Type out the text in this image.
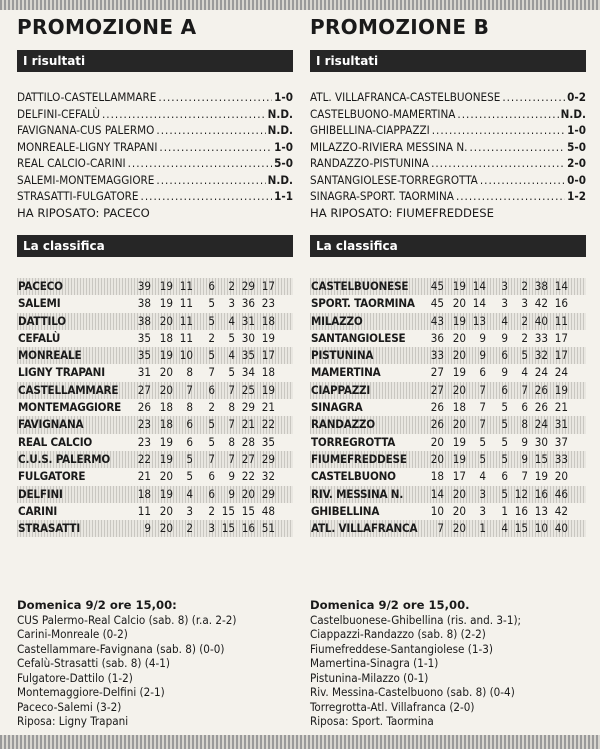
PROMOZIONE A
I risultati
DATTILO-CASTELLAMMARE .....	1-0
DELFINI-CEFALÙ .....	N.D.
FAVIGNANA-CUS PALERMO .....	N.D.
MONREALE-LIGNY TRAPANI .....	1-0
REAL CALCIO-CARINI .....	5-0
SALEMI-MONTEMAGGIORE .....	N.D.
STRASATTI-FULGATORE .....	1-1
HA RIPOSATO: PACECO
La classifica
PACECO	39 19 11	6	2 29 17
SALEMI	38 19 11	5	3 36 23
DATTILO	38 20 11	5	4 31 18
CEFALÙ	35 18 11	2	5 30 19
MONREALE	35 19 10	5	4 35 17
LIGNY TRAPANI	31 20	8	7	5 34 18
CASTELLAMMARE	27 20	7	6	7 25 19
MONTEMAGGIORE	26 18	8	2	8 29 21
FAVIGNANA	23 18	6	5	7 21 22
REAL CALCIO	23 19	6	5	8 28 35
C.U.S. PALERMO	22 19	5	7	7 27 29
FULGATORE	21 20	5	6	9 22 32
DELFINI	18 19	4	6	9 20 29
CARINI	11 20	3	2 15 15 48
STRASATTI	9 20	2	3 15 16 51
Domenica 9/2 ore 15,00:
CUS Palermo-Real Calcio (sab. 8) (r.a. 2-2)
Carini-Monreale (0-2)
Castellammare-Favignana (sab. 8) (0-0)
Cefalù-Strasatti (sab. 8) (4-1)
Fulgatore-Dattilo (1-2)
Montemaggiore-Delfini (2-1)
Paceco-Salemi (3-2)
Riposa: Ligny Trapani
PROMOZIONE B
I risultati
ATL. VILLAFRANCA-CASTELBUONESE .....	0-2
CASTELBUONO-MAMERTINA .....	N.D.
GHIBELLINA-CIAPPAZZI .....	1-0
MILAZZO-RIVIERA MESSINA N. .....	5-0
RANDAZZO-PISTUNINA .....	2-0
SANTANGIOLESE-TORREGROTTA .....	0-0
SINAGRA-SPORT. TAORMINA .....	1-2
HA RIPOSATO: FIUMEFREDDESE
La classifica
CASTELBUONESE	45 19 14	3	2 38 14
SPORT. TAORMINA	45 20 14	3	3 42 16
MILAZZO	43 19 13	4	2 40 11
SANTANGIOLESE	36 20	9	9	2 33 17
PISTUNINA	33 20	9	6	5 32 17
MAMERTINA	27 19	6	9	4 24 24
CIAPPAZZI	27 20	7	6	7 26 19
SINAGRA	26 18	7	5	6 26 21
RANDAZZO	26 20	7	5	8 24 31
TORREGROTTA	20 19	5	5	9 30 37
FIUMEFREDDESE	20 19	5	5	9 15 33
CASTELBUONO	18 17	4	6	7 19 20
RIV. MESSINA N.	14 20	3	5 12 16 46
GHIBELLINA	10 20	3	1 16 13 42
ATL. VILLAFRANCA	7 20	1	4 15 10 40
Domenica 9/2 ore 15,00.
Castelbuonese-Ghibellina (ris. and. 3-1);
Ciappazzi-Randazzo (sab. 8) (2-2)
Fiumefreddese-Santangiolese (1-3)
Mamertina-Sinagra (1-1)
Pistunina-Milazzo (0-1)
Riv. Messina-Castelbuono (sab. 8) (0-4)
Torregrotta-Atl. Villafranca (2-0)
Riposa: Sport. Taormina
